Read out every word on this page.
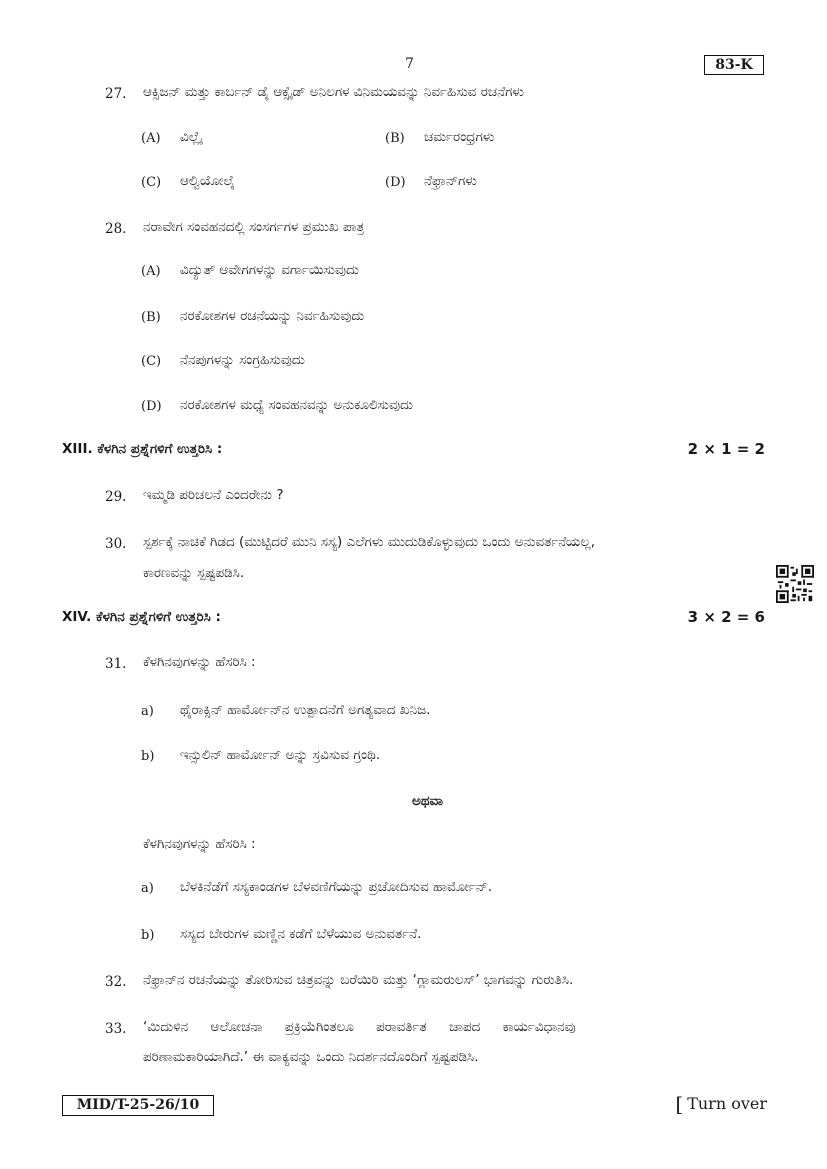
7	83-K
27. ಆಕ್ಸಿಜನ್ ಮತ್ತು ಕಾರ್ಬನ್ ಡೈ ಆಕ್ಸೈಡ್ ಅನಿಲಗಳ ವಿನಿಮಯವನ್ನು ನಿರ್ವಹಿಸುವ ರಚನೆಗಳು
(A) ವಿಲ್ಲೈ	(B) ಚರ್ಮರಂಧ್ರಗಳು
(C) ಆಲ್ವಿಯೋಲೈ	(D) ನೆಫ್ರಾನ್‌ಗಳು
28. ನರಾವೇಗ ಸಂವಹನದಲ್ಲಿ ಸಂಸರ್ಗಗಳ ಪ್ರಮುಖ ಪಾತ್ರ
(A) ವಿದ್ಯುತ್ ಆವೇಗಗಳನ್ನು ವರ್ಗಾಯಿಸುವುದು
(B) ನರಕೋಶಗಳ ರಚನೆಯನ್ನು ನಿರ್ವಹಿಸುವುದು
(C) ನೆನಪುಗಳನ್ನು ಸಂಗ್ರಹಿಸುವುದು
(D) ನರಕೋಶಗಳ ಮಧ್ಯೆ ಸಂವಹನವನ್ನು ಅನುಕೂಲಿಸುವುದು
XIII. ಕೆಳಗಿನ ಪ್ರಶ್ನೆಗಳಿಗೆ ಉತ್ತರಿಸಿ :	2 × 1 = 2
29. ಇಮ್ಮಡಿ ಪರಿಚಲನೆ ಎಂದರೇನು ?
30. ಸ್ಪರ್ಶಕ್ಕೆ ನಾಚಿಕೆ ಗಿಡದ (ಮುಟ್ಟಿದರೆ ಮುನಿ ಸಸ್ಯ) ಎಲೆಗಳು ಮುದುಡಿಕೊಳ್ಳುವುದು ಒಂದು ಅನುವರ್ತನೆಯಲ್ಲ,
ಕಾರಣವನ್ನು ಸ್ಪಷ್ಟಪಡಿಸಿ.
XIV. ಕೆಳಗಿನ ಪ್ರಶ್ನೆಗಳಿಗೆ ಉತ್ತರಿಸಿ :	3 × 2 = 6
31. ಕೆಳಗಿನವುಗಳನ್ನು ಹೆಸರಿಸಿ :
a) ಥೈರಾಕ್ಸಿನ್ ಹಾರ್ಮೋನ್‌ನ ಉತ್ಪಾದನೆಗೆ ಅಗತ್ಯವಾದ ಖನಿಜ.
b) ಇನ್ಸುಲಿನ್ ಹಾರ್ಮೋನ್ ಅನ್ನು ಸ್ರವಿಸುವ ಗ್ರಂಥಿ.
ಅಥವಾ
ಕೆಳಗಿನವುಗಳನ್ನು ಹೆಸರಿಸಿ :
a) ಬೆಳಕಿನೆಡೆಗೆ ಸಸ್ಯಕಾಂಡಗಳ ಬೆಳವಣಿಗೆಯನ್ನು ಪ್ರಚೋದಿಸುವ ಹಾರ್ಮೋನ್.
b) ಸಸ್ಯದ ಬೇರುಗಳ ಮಣ್ಣಿನ ಕಡೆಗೆ ಬೆಳೆಯುವ ಅನುವರ್ತನೆ.
32. ನೆಫ್ರಾನ್‌ನ ರಚನೆಯನ್ನು ತೋರಿಸುವ ಚಿತ್ರವನ್ನು ಬರೆಯಿರಿ ಮತ್ತು ‘ಗ್ಲಾಮರುಲಸ್’ ಭಾಗವನ್ನು ಗುರುತಿಸಿ.
33. ‘ಮಿದುಳಿನ ಆಲೋಚನಾ ಪ್ರಕ್ರಿಯೆಗಿಂತಲೂ ಪರಾವರ್ತಿತ ಚಾಪದ ಕಾರ್ಯವಿಧಾನವು
ಪರಿಣಾಮಕಾರಿಯಾಗಿದೆ.’ ಈ ವಾಕ್ಯವನ್ನು ಒಂದು ನಿದರ್ಶನದೊಂದಿಗೆ ಸ್ಪಷ್ಟಪಡಿಸಿ.
MID/T-25-26/10	[ Turn over
